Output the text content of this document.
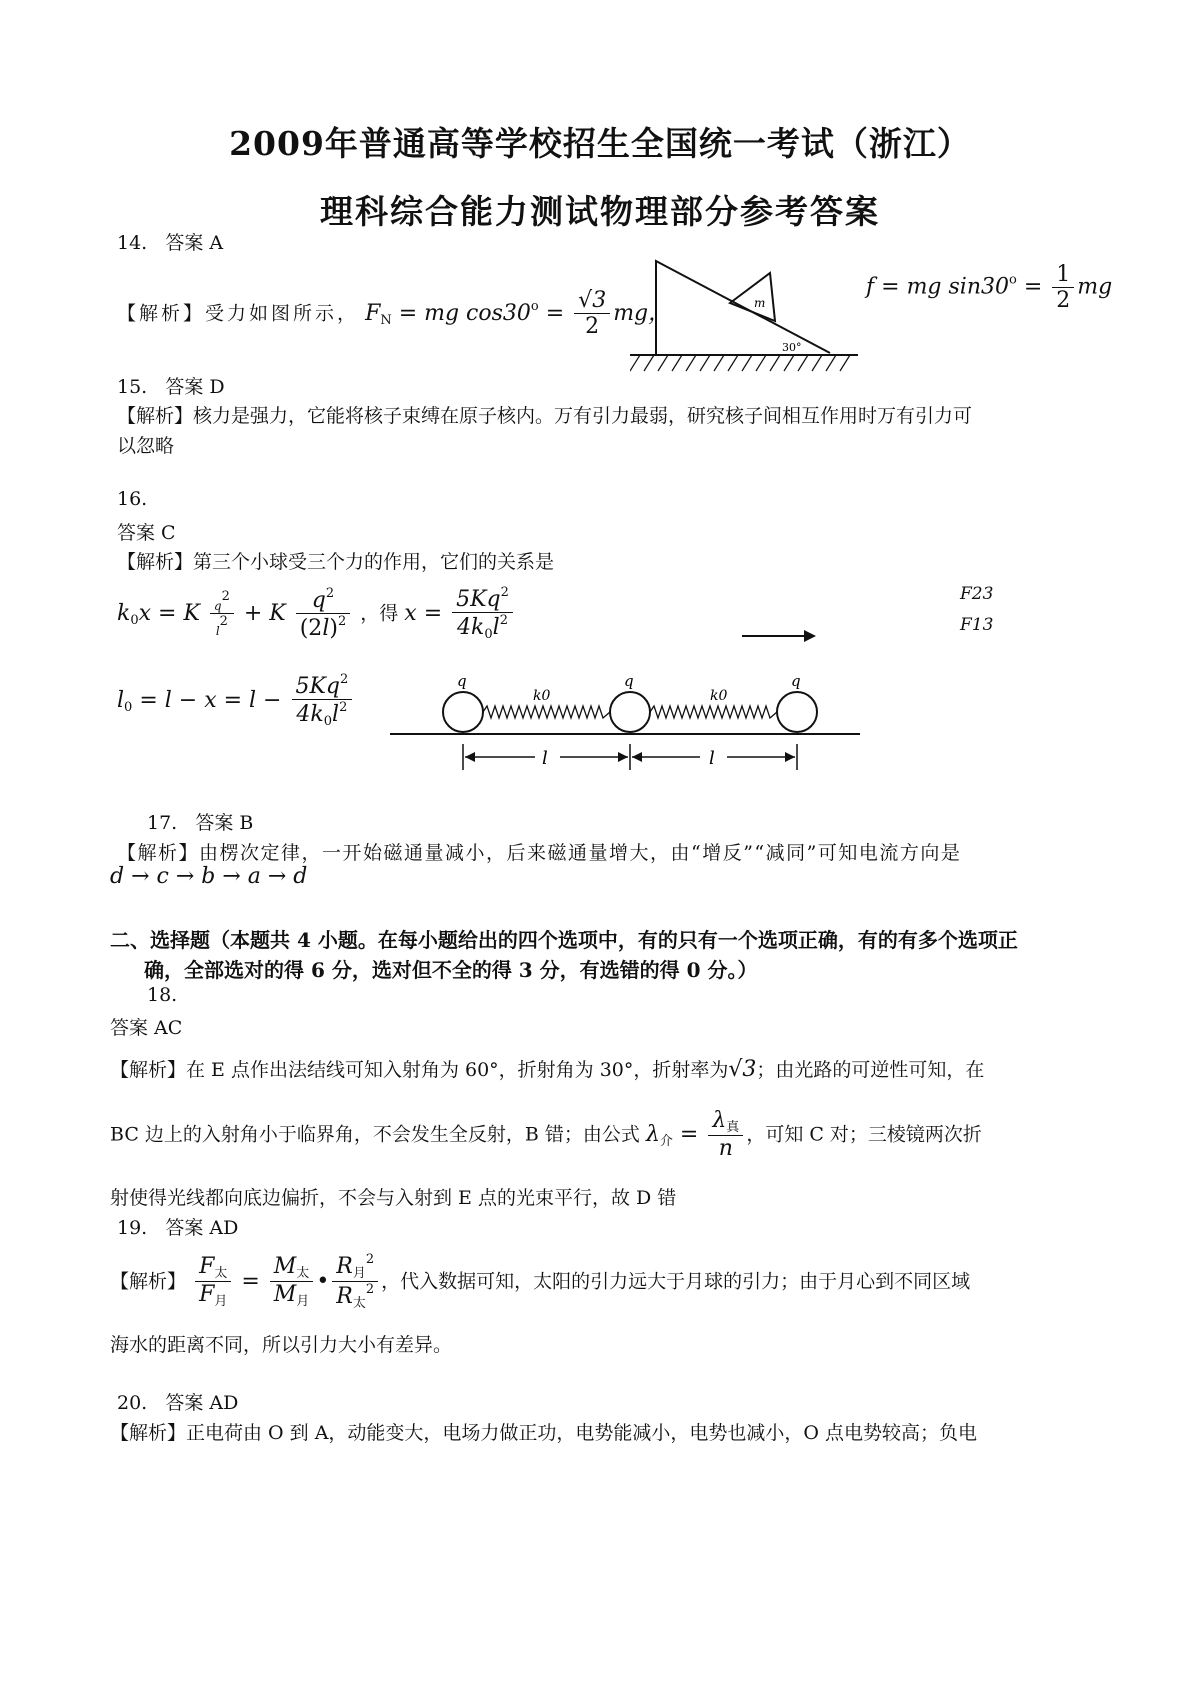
2009年普通高等学校招生全国统一考试（浙江）
理科综合能力测试物理部分参考答案
14. 答案 A
【解析】受力如图所示， $F_N$ = mg $\cos 30^o = \frac{√3}{2}$ mg，	m
30°
f = mg $\sin 30^o = \frac{1}{2}$ mg
15. 答案 D
【解析】核力是强力，它能将核子束缚在原子核内。万有引力最弱，研究核子间相互作用时万有引力可
以忽略
16.
答案 C
【解析】第三个小球受三个力的作用，它们的关系是
$k_0x = K \frac{q2}{l2} + K \frac{q^2}{(2l)^2}$ ，得 $x = \frac{5Kq^2}{4k_0l^2}$	F23
F13
$l_0 = l - x = l - \frac{5Kq^2}{4k_0l^2}$	q	q	q
k0	k0
l	l
17. 答案 B
【解析】由楞次定律，一开始磁通量减小，后来磁通量增大，由“增反”“减同”可知电流方向是
d → c → b → a → d
二、选择题（本题共 4 小题。在每小题给出的四个选项中，有的只有一个选项正确，有的有多个选项正
确，全部选对的得 6 分，选对但不全的得 3 分，有选错的得 0 分。）
18.
答案 AC
【解析】在 E 点作出法结线可知入射角为 60°，折射角为 30°，折射率为√3；由光路的可逆性可知，在
BC 边上的入射角小于临界角，不会发生全反射，B 错；由公式 $\lambda_介 = \frac{\lambda_真}{n}$ ，可知 C 对；三棱镜两次折
射使得光线都向底边偏折，不会与入射到 E 点的光束平行，故 D 错
19. 答案 AD
【解析】 $\frac{F_太}{F_月} = \frac{M_太}{M_月}$ • $\frac{R_月^2}{R_太^2}$ ，代入数据可知，太阳的引力远大于月球的引力；由于月心到不同区域
海水的距离不同，所以引力大小有差异。
20. 答案 AD
【解析】正电荷由 O 到 A，动能变大，电场力做正功，电势能减小，电势也减小，O 点电势较高；负电
